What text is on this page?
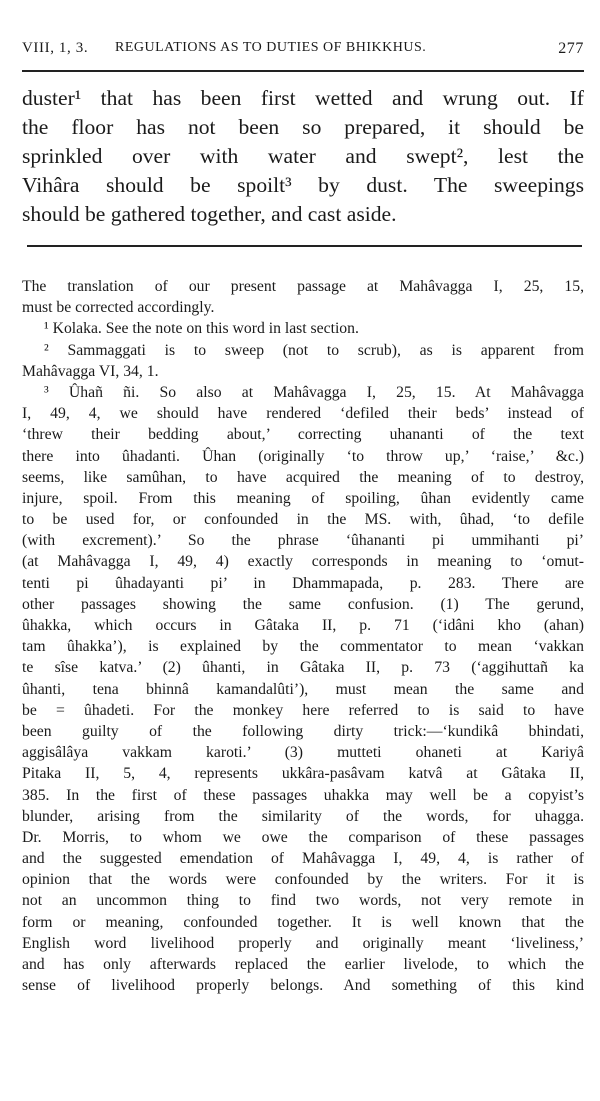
VIII, 1, 3. REGULATIONS AS TO DUTIES OF BHIKKHUS.	277
duster¹ that has been first wetted and wrung out. If
the floor has not been so prepared, it should be
sprinkled over with water and swept², lest the
Vihâra should be spoilt³ by dust. The sweepings
should be gathered together, and cast aside.
The translation of our present passage at Mahâvagga I, 25, 15,
must be corrected accordingly.
¹ Kolaka. See the note on this word in last section.
² Sammaggati is to sweep (not to scrub), as is apparent from
Mahâvagga VI, 34, 1.
³ Ûhañ ñi. So also at Mahâvagga I, 25, 15. At Mahâvagga
I, 49, 4, we should have rendered ‘defiled their beds’ instead of
‘threw their bedding about,’ correcting uhananti of the text
there into ûhadanti. Ûhan (originally ‘to throw up,’ ‘raise,’ &c.)
seems, like samûhan, to have acquired the meaning of to destroy,
injure, spoil. From this meaning of spoiling, ûhan evidently came
to be used for, or confounded in the MS. with, ûhad, ‘to defile
(with excrement).’ So the phrase ‘ûhananti pi ummihanti pi’
(at Mahâvagga I, 49, 4) exactly corresponds in meaning to ‘omut-
tenti pi ûhadayanti pi’ in Dhammapada, p. 283. There are
other passages showing the same confusion. (1) The gerund,
ûhakka, which occurs in Gâtaka II, p. 71 (‘idâni kho (ahan)
tam ûhakka’), is explained by the commentator to mean ‘vakkan
te sîse katva.’ (2) ûhanti, in Gâtaka II, p. 73 (‘aggihuttañ ka
ûhanti, tena bhinnâ kamandalûti’), must mean the same and
be = ûhadeti. For the monkey here referred to is said to have
been guilty of the following dirty trick:—‘kundikâ bhindati,
aggisâlâya vakkam karoti.’ (3) mutteti ohaneti at Kariyâ
Pitaka II, 5, 4, represents ukkâra-pasâvam katvâ at Gâtaka II,
385. In the first of these passages uhakka may well be a copyist’s
blunder, arising from the similarity of the words, for uhagga.
Dr. Morris, to whom we owe the comparison of these passages
and the suggested emendation of Mahâvagga I, 49, 4, is rather of
opinion that the words were confounded by the writers. For it is
not an uncommon thing to find two words, not very remote in
form or meaning, confounded together. It is well known that the
English word livelihood properly and originally meant ‘liveliness,’
and has only afterwards replaced the earlier livelode, to which the
sense of livelihood properly belongs. And something of this kind
